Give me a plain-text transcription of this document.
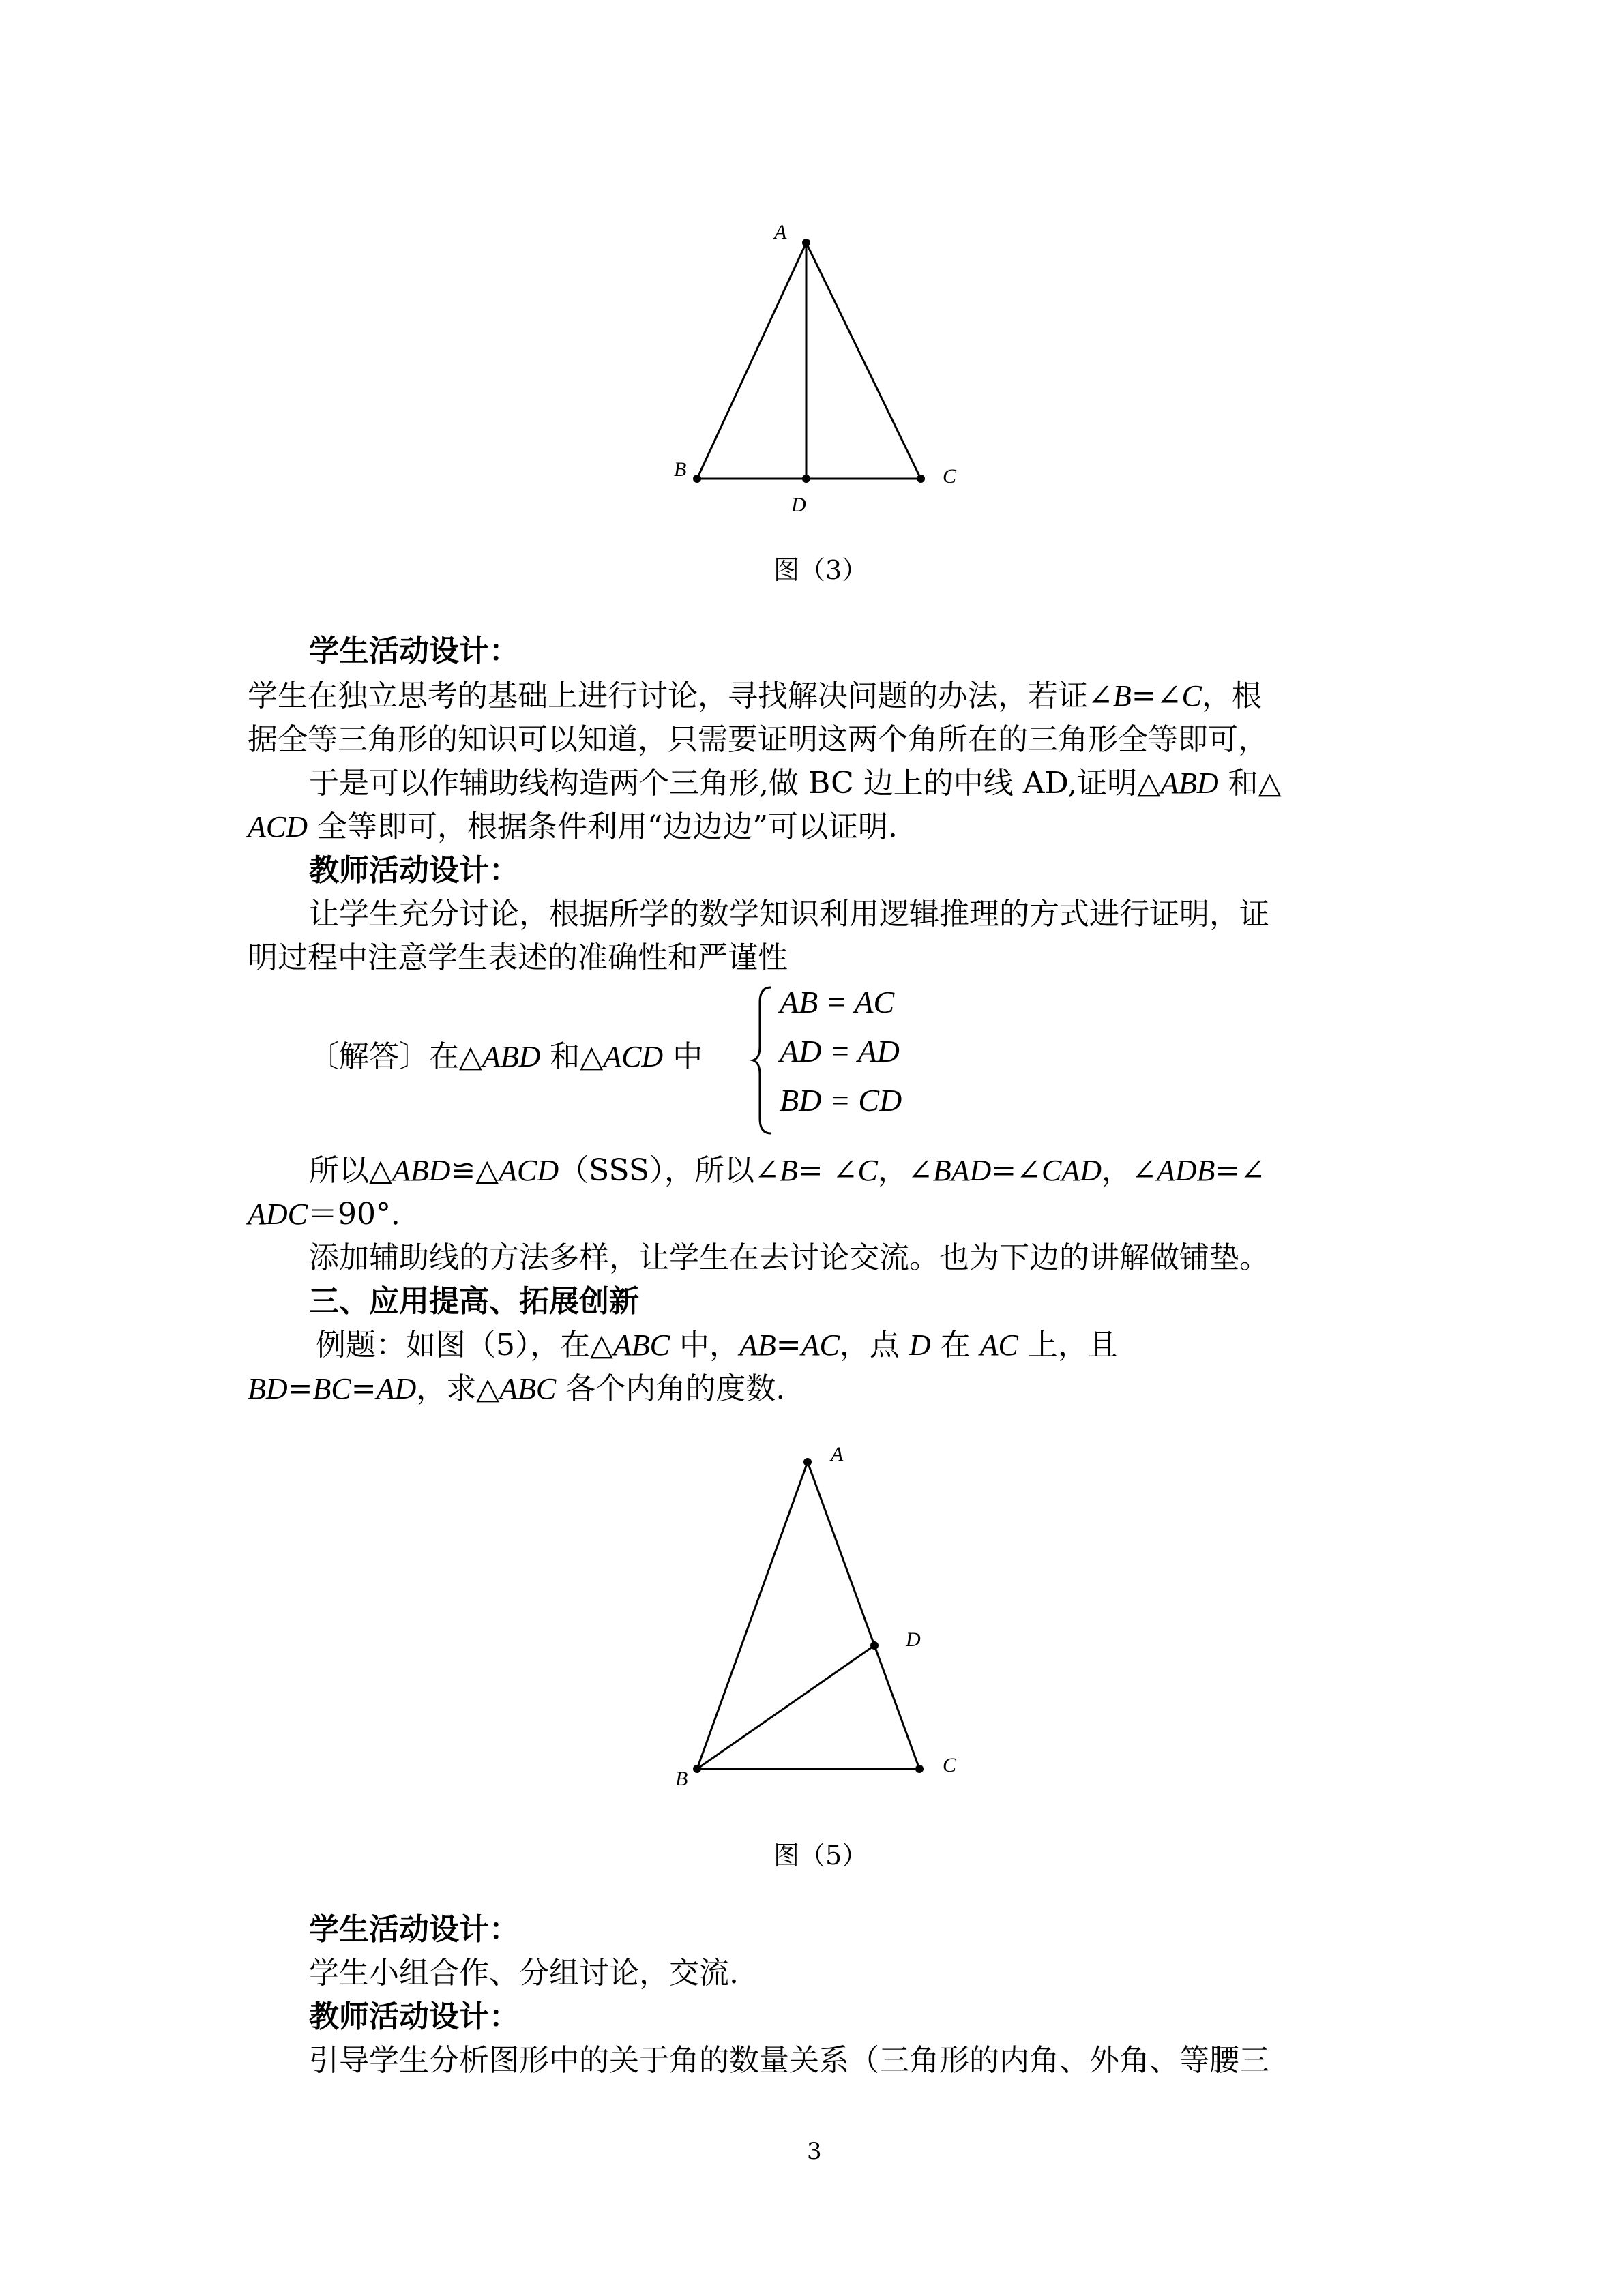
A
B	C
D
图（3）
学生活动设计：
学生在独立思考的基础上进行讨论，寻找解决问题的办法，若证∠B=∠C，根
据全等三角形的知识可以知道，只需要证明这两个角所在的三角形全等即可，
于是可以作辅助线构造两个三角形,做 BC 边上的中线 AD,证明△ABD 和△
ACD 全等即可，根据条件利用“边边边”可以证明.
教师活动设计：
让学生充分讨论，根据所学的数学知识利用逻辑推理的方式进行证明，证
明过程中注意学生表述的准确性和严谨性
〔解答〕在△ABD 和△ACD 中
AB = AC
AD = AD
BD = CD
所以△ABD≌△ACD（SSS），所以∠B= ∠C，∠BAD=∠CAD，∠ADB=∠
ADC＝90°．
添加辅助线的方法多样，让学生在去讨论交流。也为下边的讲解做铺垫。
三、应用提高、拓展创新
例题：如图（5），在△ABC 中，AB=AC，点 D 在 AC 上，且
BD=BC=AD，求△ABC 各个内角的度数.
A
B
C
D
图（5）
学生活动设计：
学生小组合作、分组讨论，交流.
教师活动设计：
引导学生分析图形中的关于角的数量关系（三角形的内角、外角、等腰三
3
